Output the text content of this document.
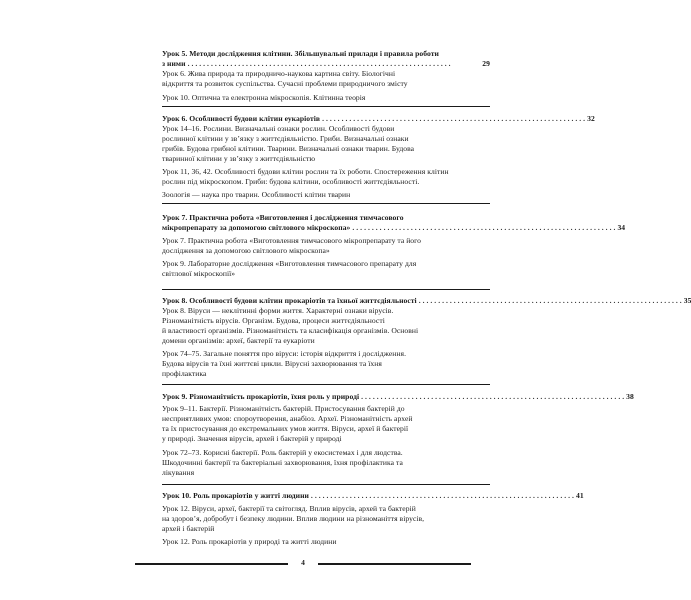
Урок 5. Методи дослідження клітини. Збільшувальні прилади і правила роботи
з ними . . . . . . . . . . . . . . . . . . . . . . . . . . . . . . . . . . . . . . . . . . . . . . . . . . . . . . . . . . . . . . . . . . . .	29
Урок 6. Жива природа та природничо-наукова картина світу. Біологічні
відкриття та розвиток суспільства. Сучасні проблеми природничого змісту
Урок 10. Оптична та електронна мікроскопія. Клітинна теорія
Урок 6. Особливості будови клітин еукаріотів . . . . . . . . . . . . . . . . . . . . . . . . . . . . . . . . . . . . . . . . . . . . . . . . . . . . . . . . . . . . . . . . . . . . 32
Урок 14–16. Рослини. Визначальні ознаки рослин. Особливості будови
рослинної клітини у зв’язку з життєдіяльністю. Гриби. Визначальні ознаки
грибів. Будова грибної клітини. Тварини. Визначальні ознаки тварин. Будова
тваринної клітини у зв’язку з життєдіяльністю
Урок 11, 36, 42. Особливості будови клітин рослин та їх роботи. Спостереження клітин
рослин під мікроскопом. Гриби: будова клітини, особливості життєдіяльності.
Зоологія — наука про тварин. Особливості клітин тварин
Урок 7. Практична робота «Виготовлення і дослідження тимчасового
мікропрепарату за допомогою світлового мікроскопа» . . . . . . . . . . . . . . . . . . . . . . . . . . . . . . . . . . . . . . . . . . . . . . . . . . . . . . . . . . . . . . . . . . . . 34
Урок 7. Практична робота «Виготовлення тимчасового мікропрепарату та його
дослідження за допомогою світлового мікроскопа»
Урок 9. Лабораторне дослідження «Виготовлення тимчасового препарату для
світлової мікроскопії»
Урок 8. Особливості будови клітин прокаріотів та їхньої життєдіяльності . . . . . . . . . . . . . . . . . . . . . . . . . . . . . . . . . . . . . . . . . . . . . . . . . . . . . . . . . . . . . . . . . . . . 35
Урок 8. Віруси — неклітинні форми життя. Характерні ознаки вірусів.
Різноманітність вірусів. Організм. Будова, процеси життєдіяльності
й властивості організмів. Різноманітність та класифікація організмів. Основні
домени організмів: археї, бактерії та еукаріоти
Урок 74–75. Загальне поняття про віруси: історія відкриття і дослідження.
Будова вірусів та їхні життєві цикли. Вірусні захворювання та їхня
профілактика
Урок 9. Різноманітність прокаріотів, їхня роль у природі . . . . . . . . . . . . . . . . . . . . . . . . . . . . . . . . . . . . . . . . . . . . . . . . . . . . . . . . . . . . . . . . . . . . 38
Урок 9–11. Бактерії. Різноманітність бактерій. Пристосування бактерій до
несприятливих умов: спороутворення, анабіоз. Археї. Різноманітність архей
та їх пристосування до екстремальних умов життя. Віруси, археї й бактерії
у природі. Значення вірусів, архей і бактерій у природі
Урок 72–73. Корисні бактерії. Роль бактерій у екосистемах і для людства.
Шкодочинні бактерії та бактеріальні захворювання, їхня профілактика та
лікування
Урок 10. Роль прокаріотів у житті людини . . . . . . . . . . . . . . . . . . . . . . . . . . . . . . . . . . . . . . . . . . . . . . . . . . . . . . . . . . . . . . . . . . . . 41
Урок 12. Віруси, археї, бактерії та світогляд. Вплив вірусів, архей та бактерій
на здоров’я, добробут і безпеку людини. Вплив людини на різноманіття вірусів,
архей і бактерій
Урок 12. Роль прокаріотів у природі та житті людини
4
